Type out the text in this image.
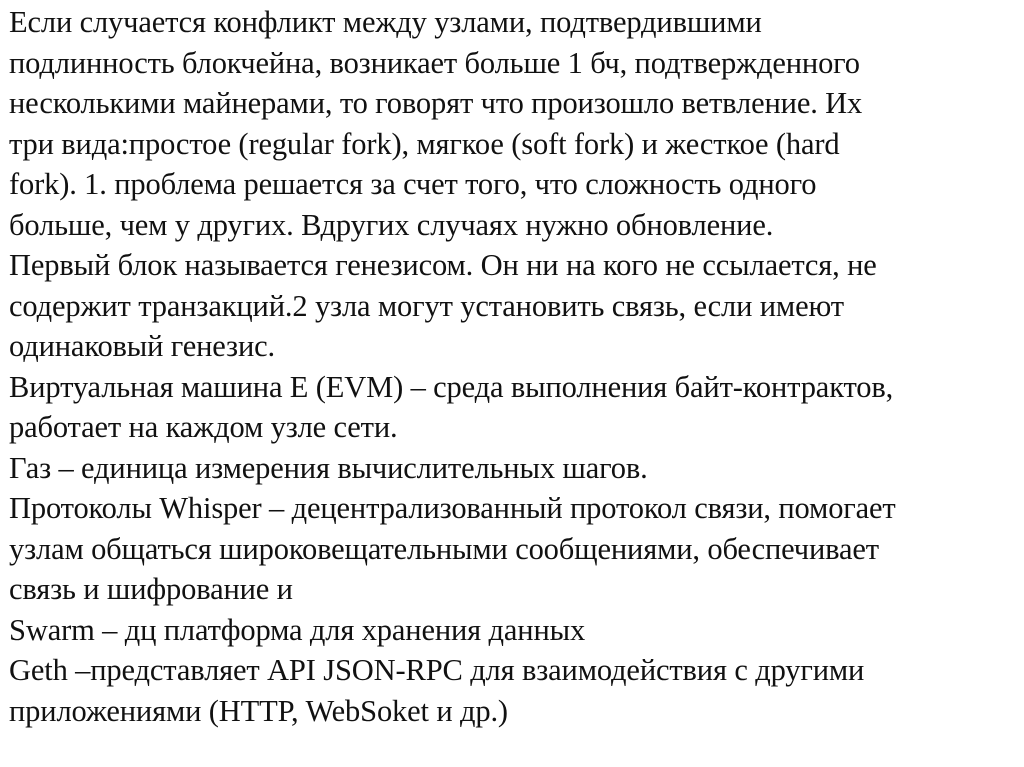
Если случается конфликт между узлами, подтвердившими
подлинность блокчейна, возникает больше 1 бч, подтвержденного
несколькими майнерами, то говорят что произошло ветвление. Их
три вида:простое (regular fork), мягкое (soft fork) и жесткое (hard
fork). 1. проблема решается за счет того, что сложность одного
больше, чем у других. Вдругих случаях нужно обновление.
Первый блок называется генезисом. Он ни на кого не ссылается, не
содержит транзакций.2 узла могут установить связь, если имеют
одинаковый генезис.
Виртуальная машина E (EVM) – среда выполнения байт-контрактов,
работает на каждом узле сети.
Газ – единица измерения вычислительных шагов.
Протоколы Whisper – децентрализованный протокол связи, помогает
узлам общаться широковещательными сообщениями, обеспечивает
связь и шифрование и
Swarm – дц платформа для хранения данных
Geth –представляет API JSON-RPC для взаимодействия с другими
приложениями (HTTP, WebSoket и др.)
